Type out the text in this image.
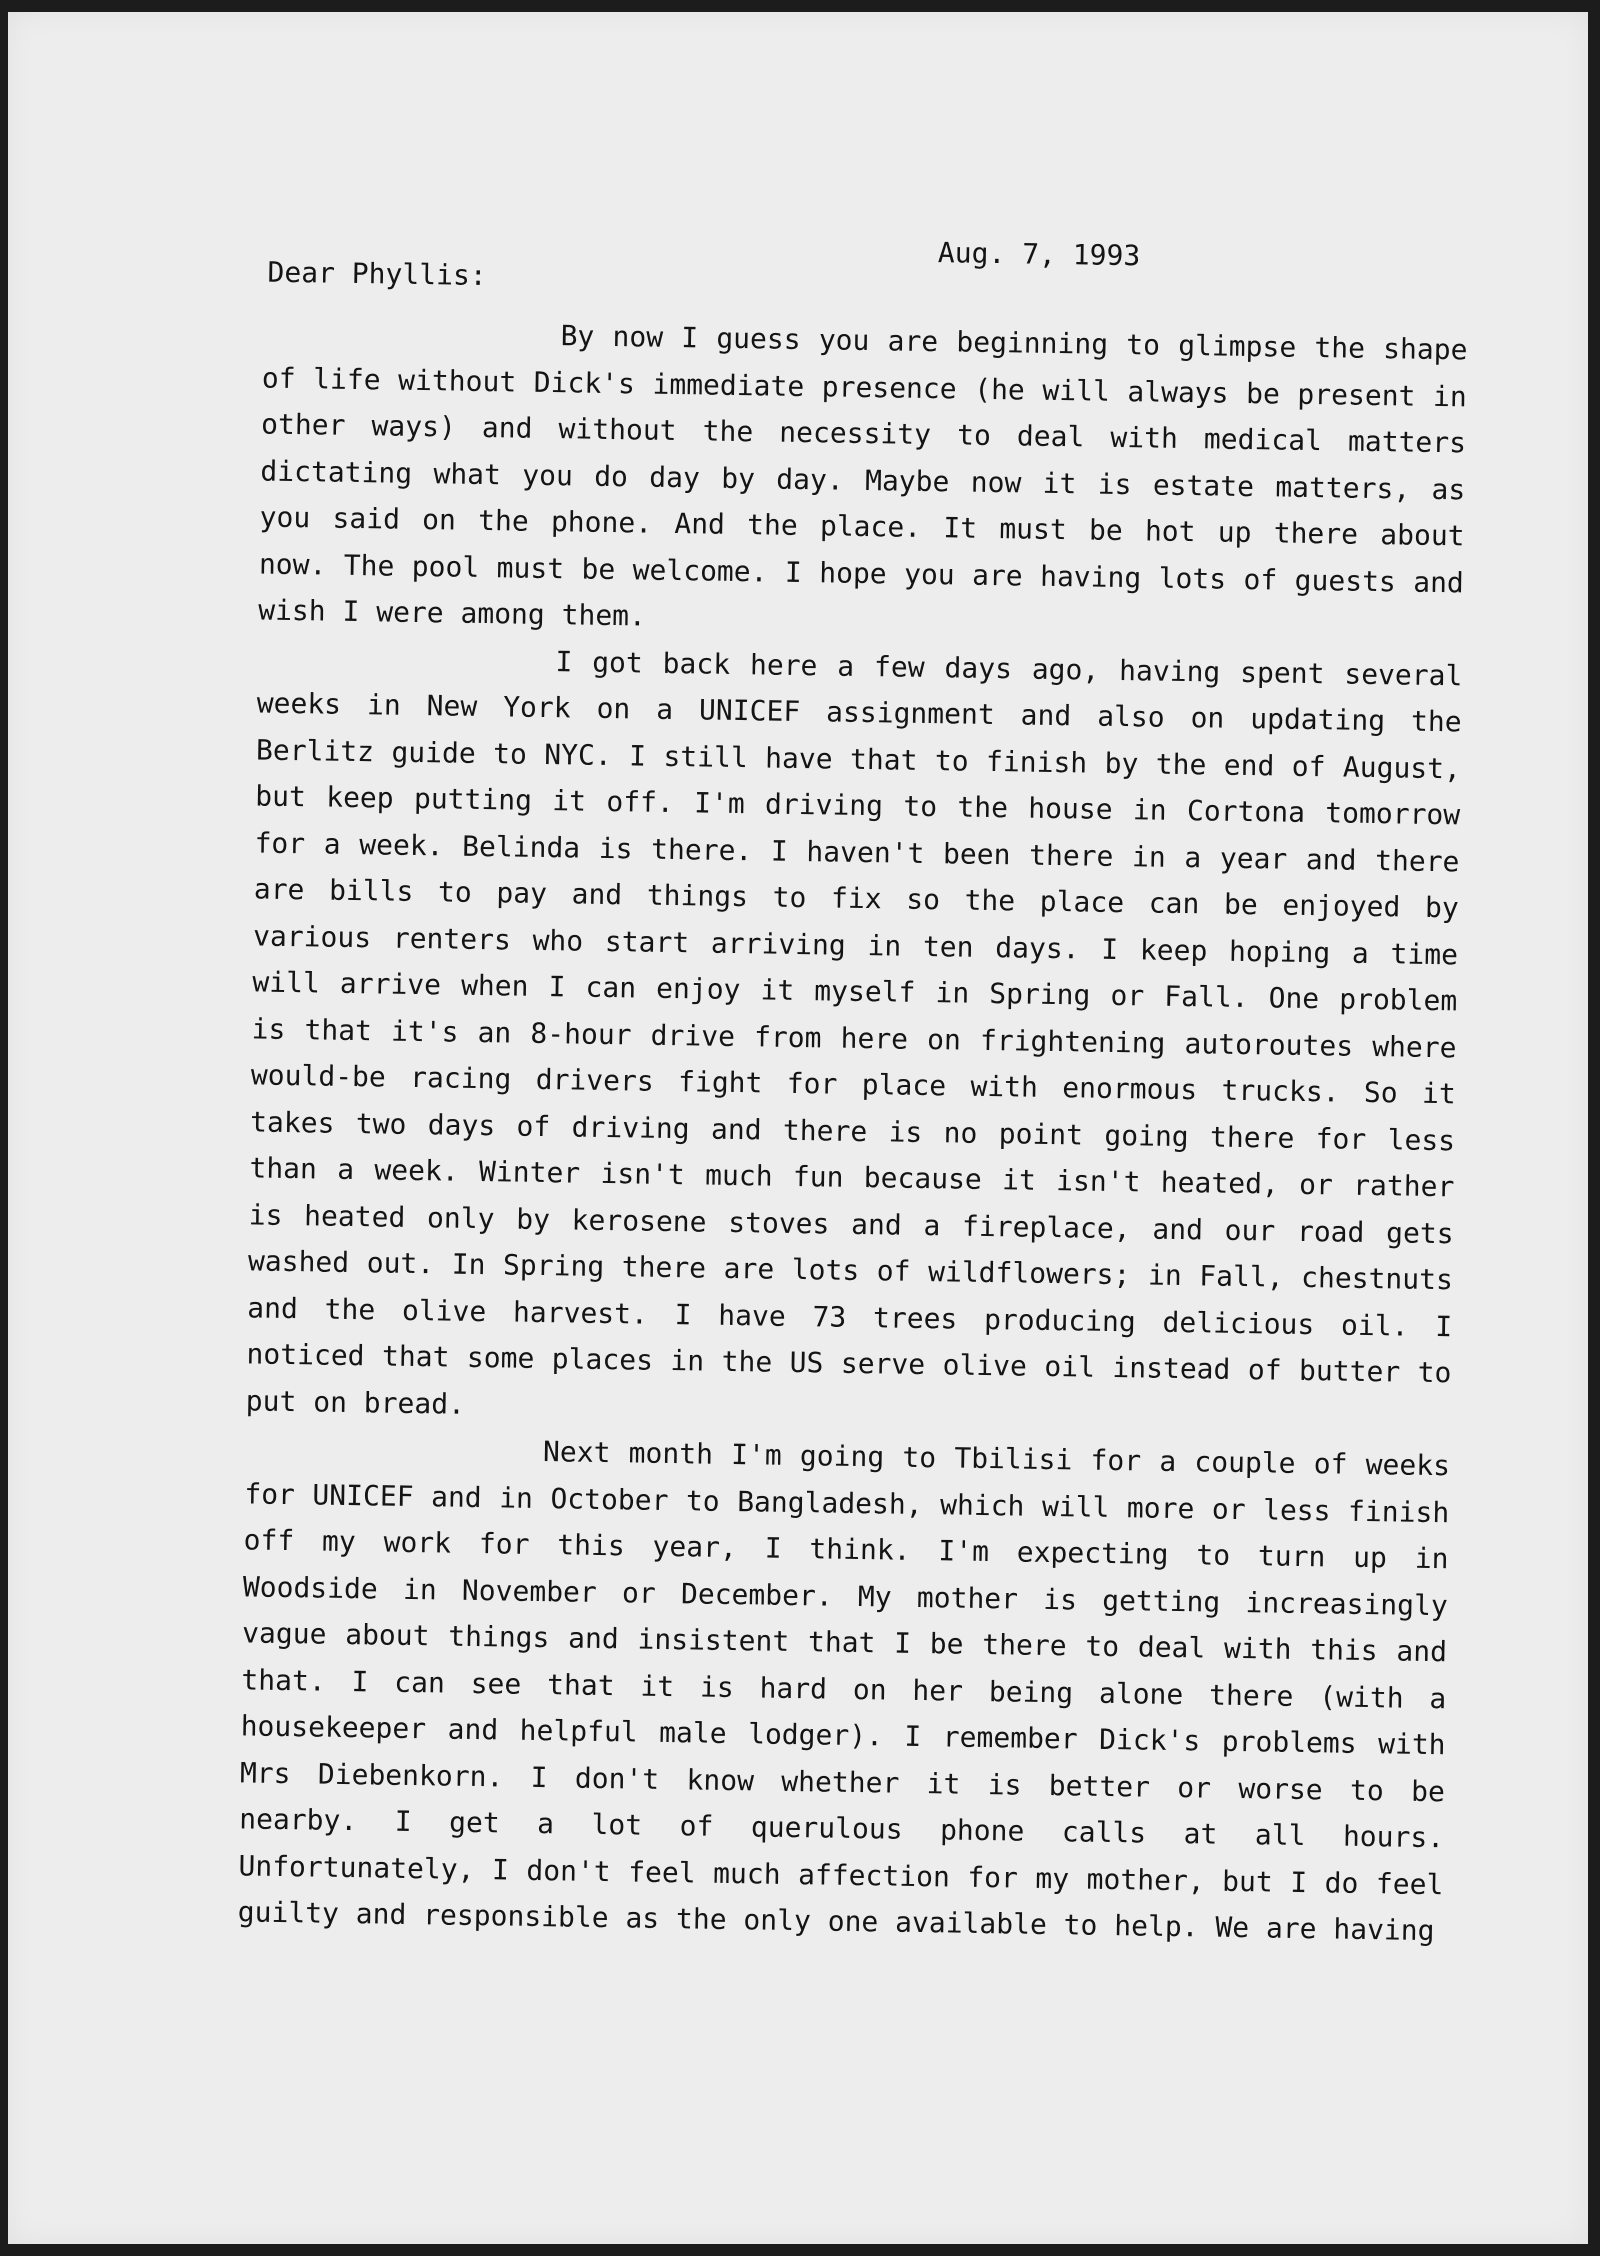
Aug. 7, 1993
Dear Phyllis:

By now I guess you are beginning to glimpse the shape of life without Dick's immediate presence (he will always be present in other ways) and without the necessity to deal with medical matters dictating what you do day by day. Maybe now it is estate matters, as you said on the phone. And the place. It must be hot up there about now. The pool must be welcome. I hope you are having lots of guests and wish I were among them.

I got back here a few days ago, having spent several weeks in New York on a UNICEF assignment and also on updating the Berlitz guide to NYC. I still have that to finish by the end of August, but keep putting it off. I'm driving to the house in Cortona tomorrow for a week. Belinda is there. I haven't been there in a year and there are bills to pay and things to fix so the place can be enjoyed by various renters who start arriving in ten days. I keep hoping a time will arrive when I can enjoy it myself in Spring or Fall. One problem is that it's an 8-hour drive from here on frightening autoroutes where would-be racing drivers fight for place with enormous trucks. So it takes two days of driving and there is no point going there for less than a week. Winter isn't much fun because it isn't heated, or rather is heated only by kerosene stoves and a fireplace, and our road gets washed out. In Spring there are lots of wildflowers; in Fall, chestnuts and the olive harvest. I have 73 trees producing delicious oil. I noticed that some places in the US serve olive oil instead of butter to put on bread.

Next month I'm going to Tbilisi for a couple of weeks for UNICEF and in October to Bangladesh, which will more or less finish off my work for this year, I think. I'm expecting to turn up in Woodside in November or December. My mother is getting increasingly vague about things and insistent that I be there to deal with this and that. I can see that it is hard on her being alone there (with a housekeeper and helpful male lodger). I remember Dick's problems with Mrs Diebenkorn. I don't know whether it is better or worse to be nearby. I get a lot of querulous phone calls at all hours. Unfortunately, I don't feel much affection for my mother, but I do feel guilty and responsible as the only one available to help. We are having
